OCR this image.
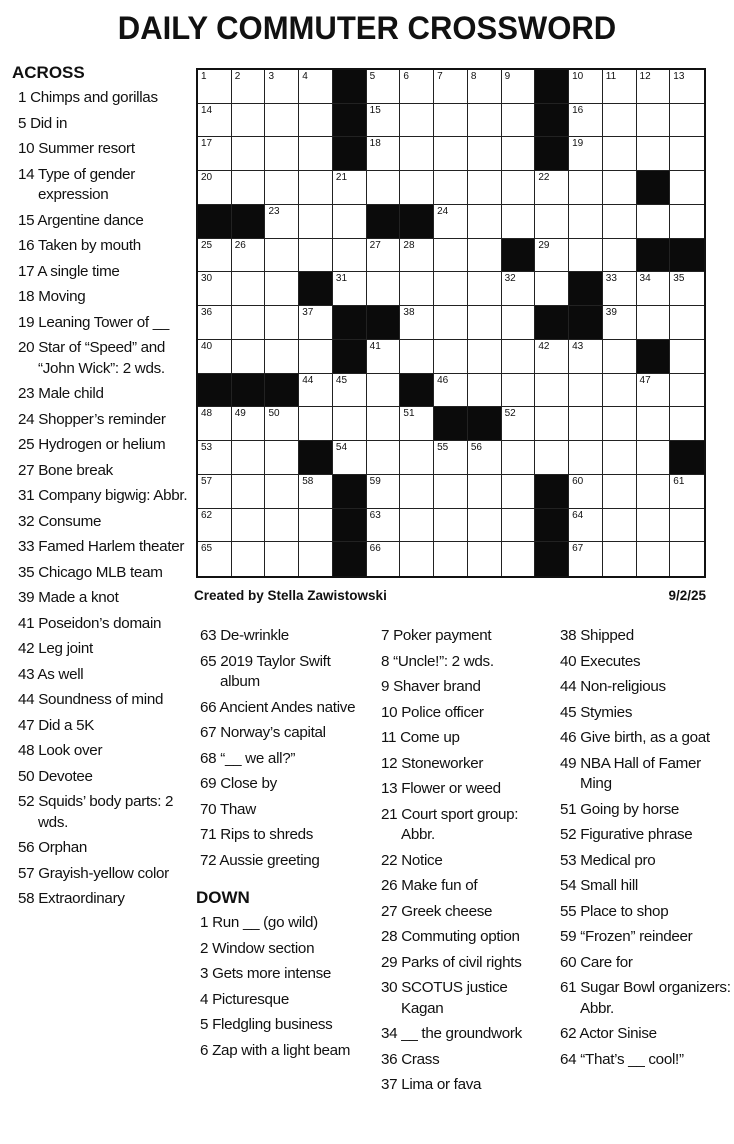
DAILY COMMUTER CROSSWORD
ACROSS
1 Chimps and gorillas
5 Did in
10 Summer resort
14 Type of gender expression
15 Argentine dance
16 Taken by mouth
17 A single time
18 Moving
19 Leaning Tower of __
20 Star of “Speed” and “John Wick”: 2 wds.
23 Male child
24 Shopper’s reminder
25 Hydrogen or helium
27 Bone break
31 Company bigwig: Abbr.
32 Consume
33 Famed Harlem theater
35 Chicago MLB team
39 Made a knot
41 Poseidon’s domain
42 Leg joint
43 As well
44 Soundness of mind
47 Did a 5K
48 Look over
50 Devotee
52 Squids’ body parts: 2 wds.
56 Orphan
57 Grayish-yellow color
58 Extraordinary
1	2	3	4	5	6	7	8	9	10 11 12 13
14	15	16
17	18	19
20	21	22
23	24
25 26	27 28	29
30	31	32	33 34 35
36	37	38	39
40	41	42 43
44 45	46	47
48 49 50	51	52
53	54	55 56
57	58	59	60	61
62	63	64
65	66	67
Created by Stella Zawistowski	9/2/25
63 De-wrinkle
65 2019 Taylor Swift album
66 Ancient Andes native
67 Norway’s capital
68 “__ we all?”
69 Close by
70 Thaw
71 Rips to shreds
72 Aussie greeting
DOWN
1 Run __ (go wild)
2 Window section
3 Gets more intense
4 Picturesque
5 Fledgling business
6 Zap with a light beam
7 Poker payment
8 “Uncle!”: 2 wds.
9 Shaver brand
10 Police officer
11 Come up
12 Stoneworker
13 Flower or weed
21 Court sport group: Abbr.
22 Notice
26 Make fun of
27 Greek cheese
28 Commuting option
29 Parks of civil rights
30 SCOTUS justice Kagan
34 __ the groundwork
36 Crass
37 Lima or fava
38 Shipped
40 Executes
44 Non-religious
45 Stymies
46 Give birth, as a goat
49 NBA Hall of Famer Ming
51 Going by horse
52 Figurative phrase
53 Medical pro
54 Small hill
55 Place to shop
59 “Frozen” reindeer
60 Care for
61 Sugar Bowl organizers: Abbr.
62 Actor Sinise
64 “That’s __ cool!”
